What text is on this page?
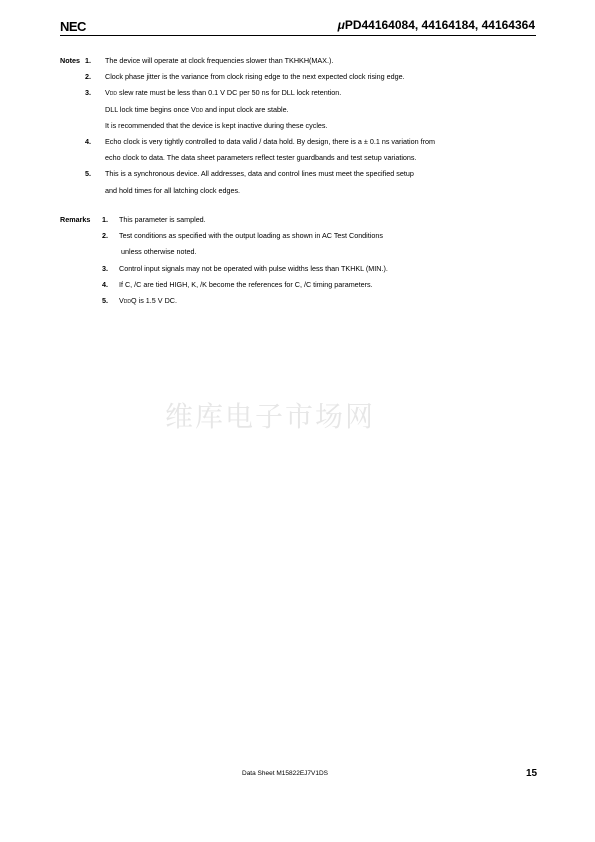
NEC	μPD44164084, 44164184, 44164364
Notes 1. The device will operate at clock frequencies slower than TKHKH(MAX.).
2. Clock phase jitter is the variance from clock rising edge to the next expected clock rising edge.
3. VDD slew rate must be less than 0.1 V DC per 50 ns for DLL lock retention.
DLL lock time begins once VDD and input clock are stable.
It is recommended that the device is kept inactive during these cycles.
4. Echo clock is very tightly controlled to data valid / data hold. By design, there is a ± 0.1 ns variation from
echo clock to data. The data sheet parameters reflect tester guardbands and test setup variations.
5. This is a synchronous device. All addresses, data and control lines must meet the specified setup
and hold times for all latching clock edges.
Remarks	1. This parameter is sampled.
2. Test conditions as specified with the output loading as shown in AC Test Conditions
unless otherwise noted.
3. Control input signals may not be operated with pulse widths less than TKHKL (MIN.).
4. If C, /C are tied HIGH, K, /K become the references for C, /C timing parameters.
5. VDDQ is 1.5 V DC.
维库电子市场网
Data Sheet M15822EJ7V1DS	15
